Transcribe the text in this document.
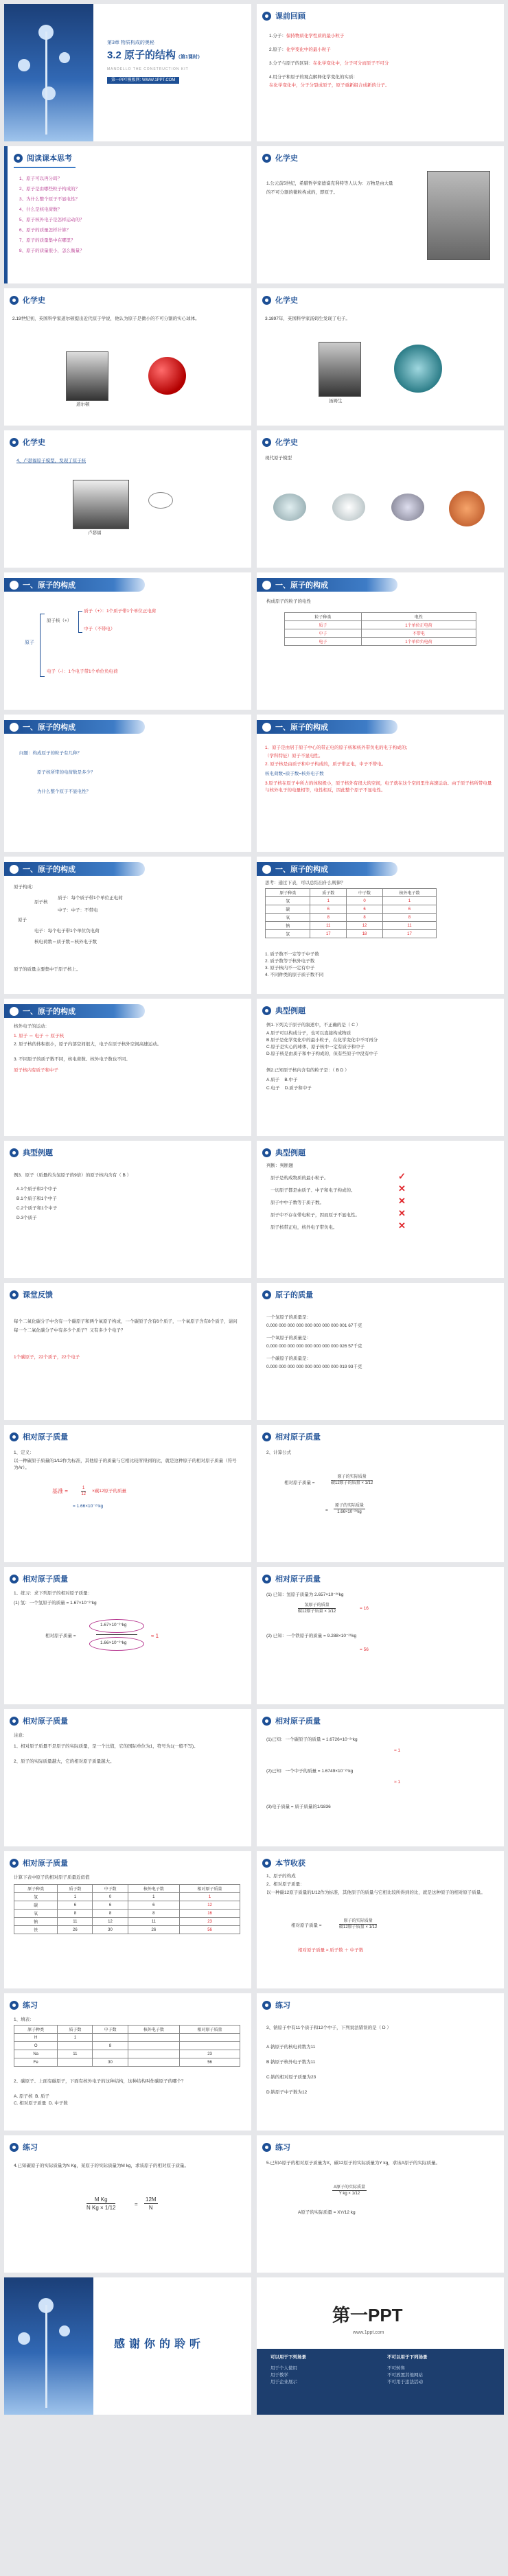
第3章 物质构成的奥秘
3.2 原子的结构（第1课时）
MANDELLO THE CONSTRUCTION KIT
第一PPT模板网: WWW.1PPT.COM
课前回顾
1.分子：保持物质化学性质的最小粒子
2.原子：化学变化中的最小粒子
3.分子与原子的区别：在化学变化中，分子可分而原子不可分
4.用分子和原子的观点解释化学变化的实质：
在化学变化中，分子分裂成原子，原子重新组合成新的分子。
阅读课本思考
1、原子可以再分吗？
2、原子是由哪些粒子构成的？
3、为什么整个原子不显电性？
4、什么是核电荷数？
5、原子核外电子是怎样运动的？
6、原子的质量怎样计算？
7、原子的质量集中在哪里？
8、原子的质量很小，怎么衡量？
化学史
1.公元前5世纪，希腊哲学家德谟克利特等人认为：万物是由大量的不可分割的微粒构成的，即原子。
化学史
2.19世纪初，英国科学家道尔顿提出近代原子学说，他认为原子是微小的不可分割的实心球体。
道尔顿
化学史
3.1897年，英国科学家汤姆生发现了电子。
汤姆生
化学史
4、卢瑟福原子模型，发现了原子核
卢瑟福
化学史
现代原子模型
一、原子的构成
原子
原子核（+）
质子（+）：1个质子带1个单位正电荷
中子（不带电）
电子（-）：1个电子带1个单位负电荷
一、原子的构成
构成原子的粒子的电性
粒子种类	电性
质子	1个单位正电荷
中子	不带电
电子	1个单位负电荷
一、原子的构成
问题：构成原子的粒子有几种？
原子核所带的电荷数是多少？
为什么整个原子不显电性？
一、原子的构成
1．原子是由居于原子中心的带正电的原子核和核外带负电的电子构成的；
（学科特征）原子不显电性。
2. 原子核是由质子和中子构成的，质子带正电，中子不带电。
核电荷数=质子数=核外电子数
3.原子核在原子中所占的体积极小，原子核外有很大的空间，电子就在这个空间里作高速运动。由于原子核所带电量与核外电子的电量相等，电性相反，因此整个原子不显电性。
一、原子的构成
原子构成：
原子
原子核
质子：每个质子带1个单位正电荷
中子：中子：不带电
电子：每个电子带1个单位负电荷
核电荷数＝质子数＝核外电子数
原子的质量主要集中于原子核上。
一、原子的构成
思考：通过下表，可以总结出什么规律？
原子种类	质子数	中子数	核外电子数
氢	1	0	1
碳	6	6	6
氧	8	8	8
钠	11	12	11
氯	17	18	17
1. 质子数不一定等于中子数
2. 质子数等于核外电子数
3. 原子核内不一定有中子
4. 不同种类的原子质子数不同
一、原子的构成
核外电子的运动：
1. 原子 ＝ 电子 ＋ 原子核
2. 原子核的体积很小，原子内部空间很大，电子在原子核外空间高速运动。
3. 不同原子的质子数不同，核电荷数、核外电子数也不同。
原子核内有质子和中子
典型例题
例1.下列关于原子的叙述中，不正确的是（ C ）
A.原子可以构成分子，也可以直接构成物质
B.原子是化学变化中的最小粒子，在化学变化中不可再分
C.原子是实心的球体，原子核中一定有质子和中子
D.原子核是由质子和中子构成的，但有些原子中没有中子
例2.已知原子核内含有的粒子是：（ B D ）
A.质子 B.中子
C.电子 D.质子和中子
典型例题
例3．原子（质量约为氢原子的9倍）的原子核内含有（ B ）
A.1个质子和2个中子
B.1个质子和1个中子
C.2个质子和1个中子
D.3个质子
典型例题
判断：判断题
原子是构成物质的最小粒子。	✓
一切原子都是由质子、中子和电子构成的。	✕
原子中中子数等于质子数。	✕
原子中不存在带电粒子，因而原子不显电性。	✕
原子核带正电，核外电子带负电。	✕
课堂反馈
每个二氧化碳分子中含有一个碳原子和两个氧原子构成，一个碳原子含有6个质子，一个氧原子含有8个质子，请问每一个二氧化碳分子中有多少个质子？又有多少个电子？
1个碳原子，22个质子，22个电子
原子的质量
一个氢原子的质量是：
0.000 000 000 000 000 000 000 000 001 67千克
一个氧原子的质量是：
0.000 000 000 000 000 000 000 000 026 57千克
一个碳原子的质量是：
0.000 000 000 000 000 000 000 000 019 93千克
相对原子质量
1、定义：
以一种碳原子质量的1/12作为标准，其他原子的质量与它相比较所得到的比，就是这种原子的相对原子质量（符号为Ar）。
基准 =	1
12
×碳12原子的质量
= 1.66×10⁻²⁷kg
相对原子质量
2、计算公式
相对原子质量 =
原子的实际质量
碳12原子的质量 × 1/12
=
原子的实际质量
1.66×10⁻²⁷kg
相对原子质量
1、练习：求下列原子的相对原子质量：
(1) 氢：一个氢原子的质量 = 1.67×10⁻²⁷kg
相对原子质量 =
1.67×10⁻²⁷kg
1.66×10⁻²⁷kg
≈ 1
相对原子质量
(1) 已知：氢原子质量为 2.657×10⁻²⁶kg
氢原子的质量
碳12原子质量 × 1/12
= 16
(2) 已知：一个铁原子的质量 = 9.288×10⁻²⁶kg
= 56
相对原子质量
注意：
1、相对原子质量不是原子的实际质量，是一个比值，它的国际单位为1，符号为1(一般不写)。
2、原子的实际质量越大，它的相对原子质量越大。
相对原子质量
(1)已知：一个碳原子的质量 = 1.6726×10⁻²⁷kg
≈ 1
(2)已知：一个中子的质量 = 1.6749×10⁻²⁷kg
≈ 1
(3)电子质量 = 质子质量的1/1836
相对原子质量
计算下表中原子的相对原子质量近似值
原子种类	质子数	中子数	核外电子数	相对原子质量
氢	1	0	1	1
碳	6	6	6	12
氧	8	8	8	16
钠	11	12	11	23
铁	26	30	26	56
本节收获
1、原子的构成
2、相对原子质量：
以一种碳12原子质量的1/12作为标准，其他原子的质量与它相比较所得到的比，就是这种原子的相对原子质量。
相对原子质量 ≈
原子的实际质量
碳12原子质量 × 1/12
相对原子质量 ≈ 质子数 ＋ 中子数
练习
1、填表：
原子种类	质子数	中子数	核外电子数	相对原子质量
H	1			
O		8		
Na	11			23
Fe		30		56
2、碳原子、上面有碳原子，下面有核外电子的这种结构，这种结构叫作碳原子的哪个？
A. 原子核 B. 质子
C. 相对原子质量 D. 中子数
练习
3、钠原子中有11个质子和12个中子，下列说法错误的是（ D ）
A.钠原子的核电荷数为11
B.钠原子核外电子数为11
C.钠的相对原子质量为23
D.钠原子中子数为12
练习
4.已知碳原子的实际质量为N Kg，某原子的实际质量为M kg，求该原子的相对原子质量。
M Kg
N Kg × 1/12
=
12M
N
练习
5.已知A原子的相对原子质量为X，碳12原子的实际质量为Y kg，求该A原子的实际质量。
A原子的实际质量
Y kg × 1/12
A原子的实际质量 = XY/12 kg
感谢你的聆听
第一PPT
www.1ppt.com
可以用于下列场景	不可以用于下列场景
用于个人使用
用于教学
用于企业展示
不可转售
不可放置其他网站
不可用于违法活动
